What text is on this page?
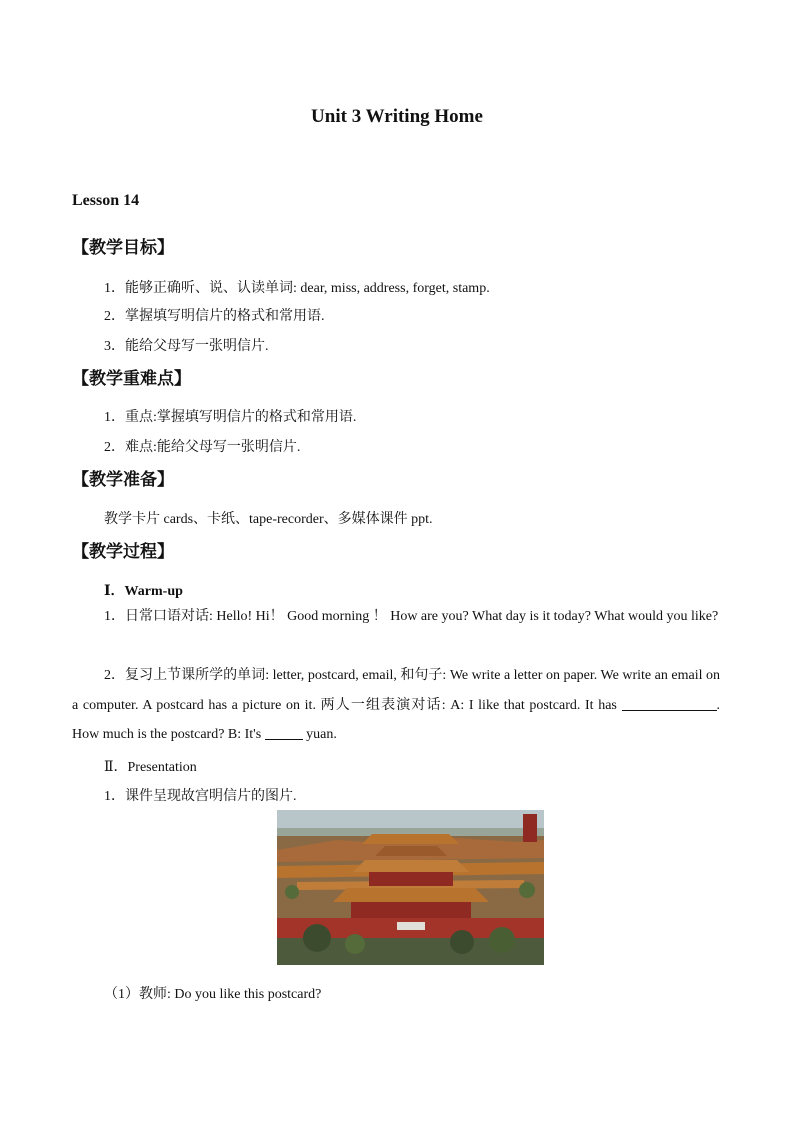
Unit 3 Writing Home
Lesson 14
【教学目标】
1．能够正确听、说、认读单词: dear, miss, address, forget, stamp.
2．掌握填写明信片的格式和常用语.
3．能给父母写一张明信片.
【教学重难点】
1．重点:掌握填写明信片的格式和常用语.
2．难点:能给父母写一张明信片.
【教学准备】
教学卡片 cards、卡纸、tape-recorder、多媒体课件 ppt.
【教学过程】
Ⅰ．Warm-up
1．日常口语对话: Hello! Hi！ Good morning ！ How are you? What day is it today? What would you like?
2．复习上节课所学的单词: letter, postcard, email, 和句子: We write a letter on paper. We write an email on a computer. A postcard has a picture on it. 两人一组表演对话: A: I like that postcard. It has	. How much is the postcard? B: It's	yuan.
Ⅱ．Presentation
1．课件呈现故宫明信片的图片.
（1）教师: Do you like this postcard?
